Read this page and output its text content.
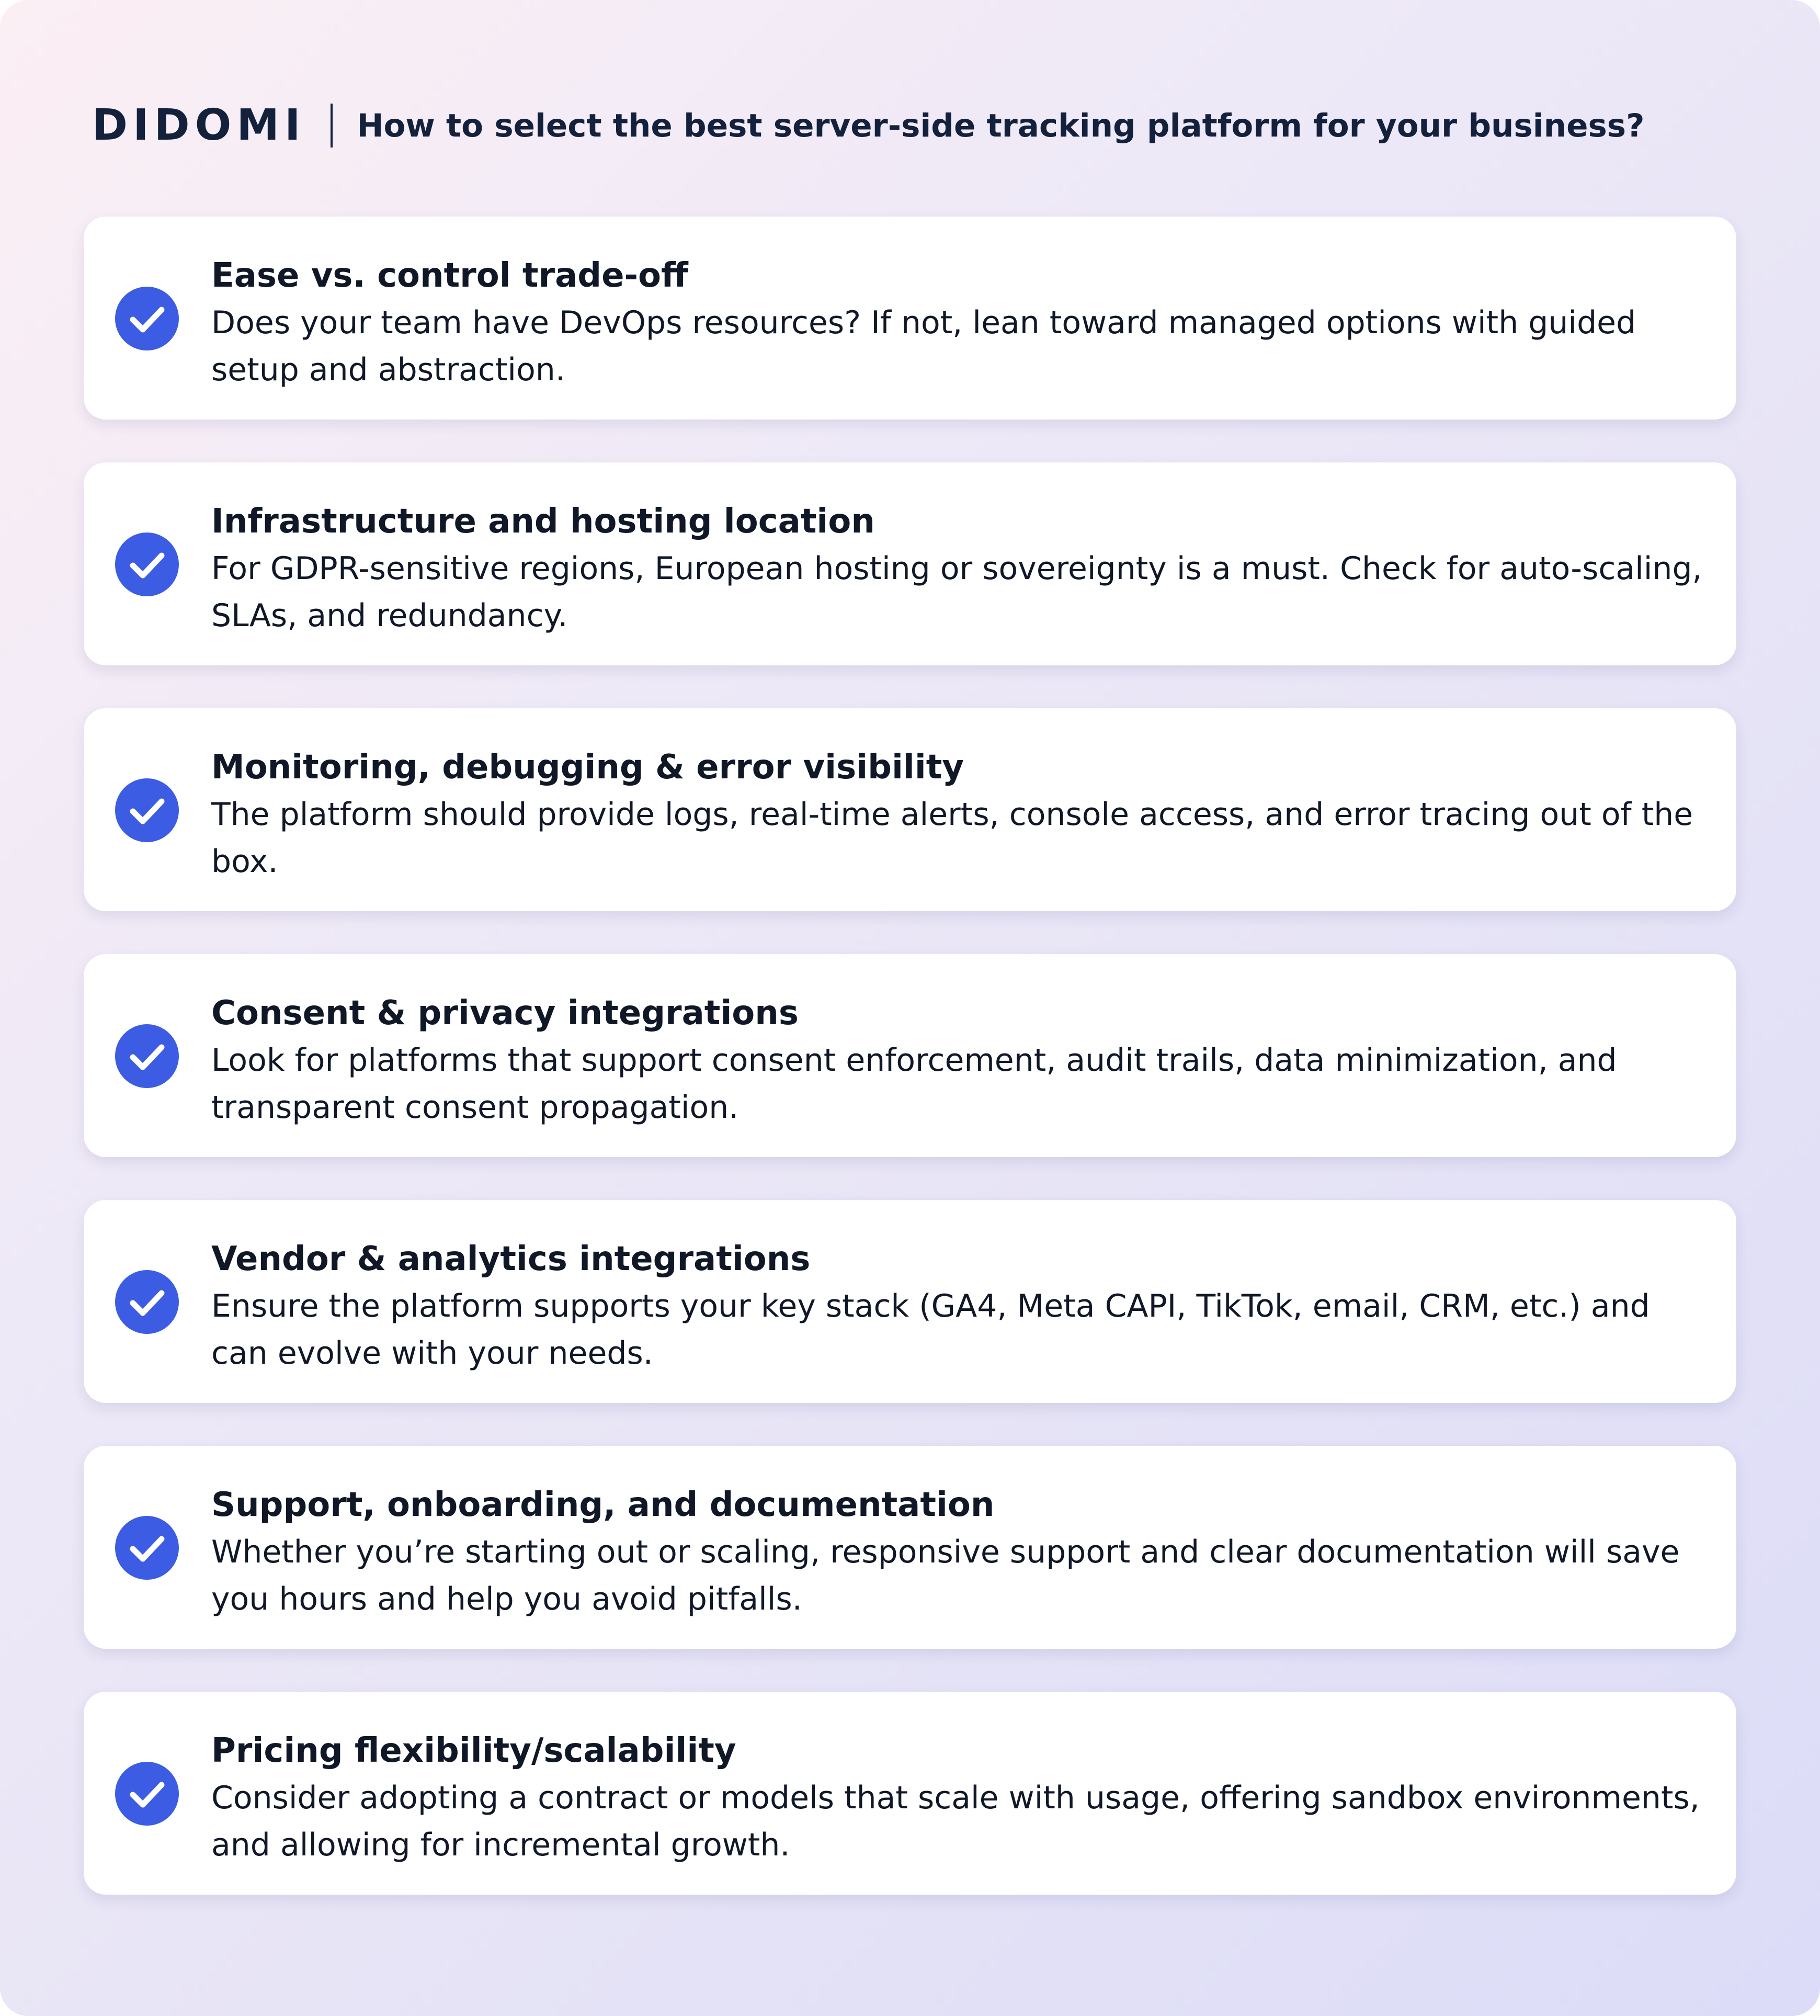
DIDOMI How to select the best server-side tracking platform for your business?
Ease vs. control trade-off
Does your team have DevOps resources? If not, lean toward managed options with guided setup and abstraction.
Infrastructure and hosting location
For GDPR-sensitive regions, European hosting or sovereignty is a must. Check for auto-scaling, SLAs, and redundancy.
Monitoring, debugging & error visibility
The platform should provide logs, real-time alerts, console access, and error tracing out of the box.
Consent & privacy integrations
Look for platforms that support consent enforcement, audit trails, data minimization, and transparent consent propagation.
Vendor & analytics integrations
Ensure the platform supports your key stack (GA4, Meta CAPI, TikTok, email, CRM, etc.) and can evolve with your needs.
Support, onboarding, and documentation
Whether you’re starting out or scaling, responsive support and clear documentation will save you hours and help you avoid pitfalls.
Pricing flexibility/scalability
Consider adopting a contract or models that scale with usage, offering sandbox environments, and allowing for incremental growth.
